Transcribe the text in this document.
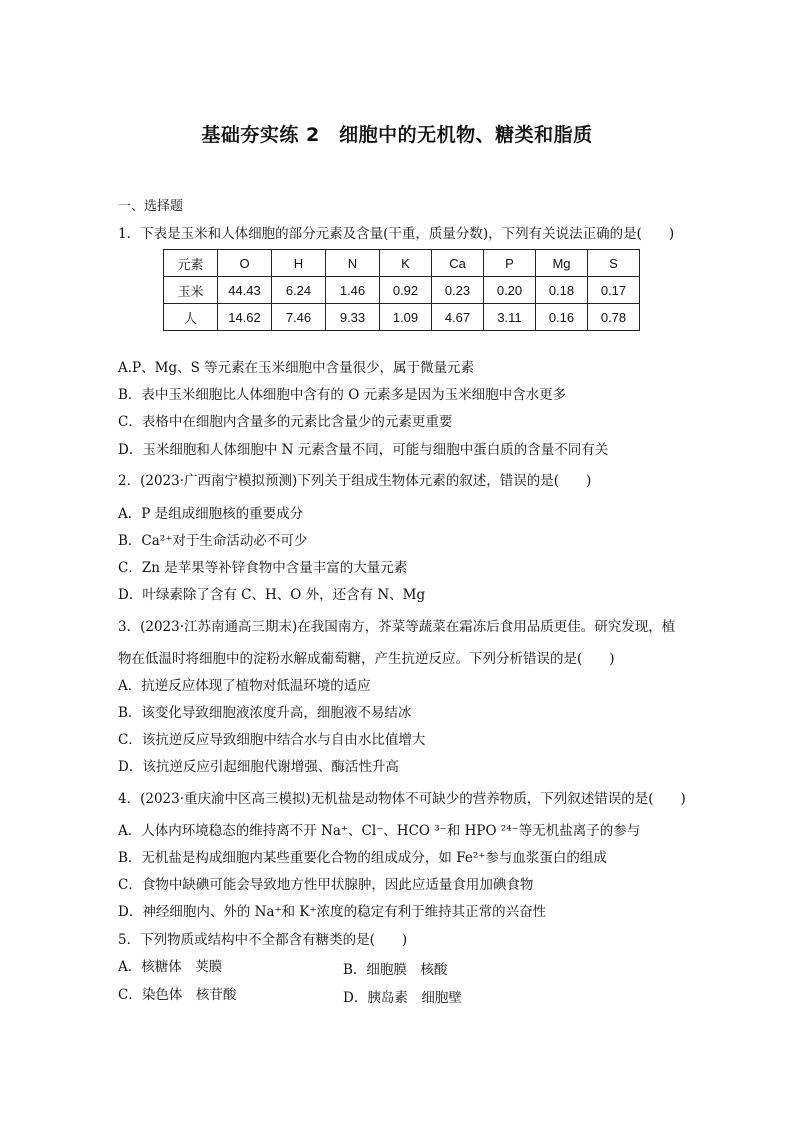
基础夯实练 2　细胞中的无机物、糖类和脂质
一、选择题
1．下表是玉米和人体细胞的部分元素及含量(干重，质量分数)，下列有关说法正确的是(　　)
元素	O	H	N	K	Ca	P	Mg	S
玉米	44.43	6.24	1.46	0.92	0.23	0.20	0.18	0.17
人	14.62	7.46	9.33	1.09	4.67	3.11	0.16	0.78
A.P、Mg、S 等元素在玉米细胞中含量很少，属于微量元素
B．表中玉米细胞比人体细胞中含有的 O 元素多是因为玉米细胞中含水更多
C．表格中在细胞内含量多的元素比含量少的元素更重要
D．玉米细胞和人体细胞中 N 元素含量不同，可能与细胞中蛋白质的含量不同有关
2．(2023·广西南宁模拟预测)下列关于组成生物体元素的叙述，错误的是(　　)
A．P 是组成细胞核的重要成分
B．Ca²⁺对于生命活动必不可少
C．Zn 是苹果等补锌食物中含量丰富的大量元素
D．叶绿素除了含有 C、H、O 外，还含有 N、Mg
3．(2023·江苏南通高三期末)在我国南方，芥菜等蔬菜在霜冻后食用品质更佳。研究发现，植
物在低温时将细胞中的淀粉水解成葡萄糖，产生抗逆反应。下列分析错误的是(　　)
A．抗逆反应体现了植物对低温环境的适应
B．该变化导致细胞液浓度升高，细胞液不易结冰
C．该抗逆反应导致细胞中结合水与自由水比值增大
D．该抗逆反应引起细胞代谢增强、酶活性升高
4．(2023·重庆渝中区高三模拟)无机盐是动物体不可缺少的营养物质，下列叙述错误的是(　　)
A．人体内环境稳态的维持离不开 Na⁺、Cl⁻、HCO ³⁻和 HPO ²⁴⁻等无机盐离子的参与
B．无机盐是构成细胞内某些重要化合物的组成成分，如 Fe²⁺参与血浆蛋白的组成
C．食物中缺碘可能会导致地方性甲状腺肿，因此应适量食用加碘食物
D．神经细胞内、外的 Na⁺和 K⁺浓度的稳定有利于维持其正常的兴奋性
5．下列物质或结构中不全都含有糖类的是(　　)
A．核糖体　荚膜	B．细胞膜　核酸
C．染色体　核苷酸	D．胰岛素　细胞壁
